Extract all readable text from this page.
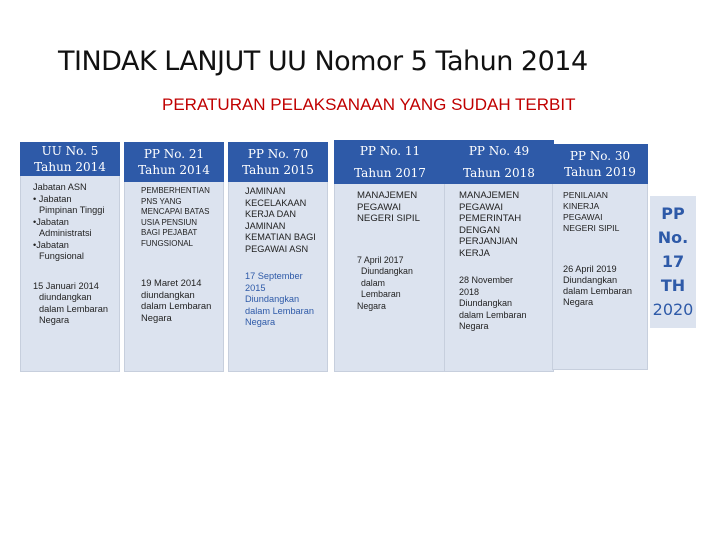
TINDAK LANJUT UU Nomor 5 Tahun 2014
PERATURAN PELAKSANAAN YANG SUDAH TERBIT
UU No. 5
Tahun 2014

Jabatan ASN

• Jabatan

Pimpinan Tinggi

•Jabatan

Administratsi

•Jabatan

Fungsional

15 Januari 2014

diundangkan

dalam Lembaran

Negara

PP No. 21
Tahun 2014

PEMBERHENTIAN

PNS YANG

MENCAPAI BATAS

USIA PENSIUN

BAGI PEJABAT

FUNGSIONAL

19 Maret 2014

diundangkan

dalam Lembaran

Negara

PP No. 70
Tahun 2015

JAMINAN

KECELAKAAN

KERJA DAN

JAMINAN

KEMATIAN BAGI

PEGAWAI ASN

17 September

2015

Diundangkan

dalam Lembaran

Negara

PP No. 11
Tahun 2017

MANAJEMEN

PEGAWAI

NEGERI SIPIL

7 April 2017

Diundangkan

dalam

Lembaran

Negara

PP No. 49
Tahun 2018

MANAJEMEN

PEGAWAI

PEMERINTAH

DENGAN

PERJANJIAN

KERJA

28 November

2018

Diundangkan

dalam Lembaran

Negara

PP No. 30
Tahun 2019

PENILAIAN

KINERJA

PEGAWAI

NEGERI SIPIL

26 April 2019

Diundangkan

dalam Lembaran

Negara

PP
No.
17
TH
2020
